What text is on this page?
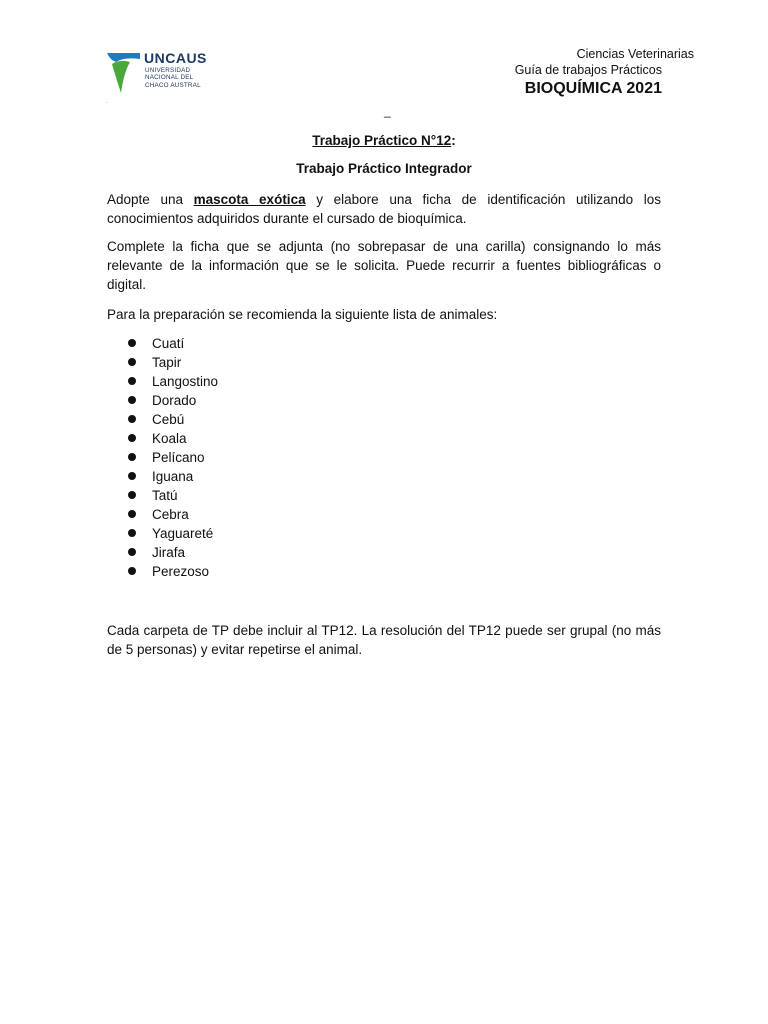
UNCAUS
UNIVERSIDAD
NACIONAL DEL
CHACO AUSTRAL
.
Ciencias Veterinarias
Guía de trabajos Prácticos
BIOQUÍMICA 2021
_
Trabajo Práctico N°12:
Trabajo Práctico Integrador
Adopte una mascota exótica y elabore una ficha de identificación utilizando los conocimientos adquiridos durante el cursado de bioquímica.
Complete la ficha que se adjunta (no sobrepasar de una carilla) consignando lo más relevante de la información que se le solicita. Puede recurrir a fuentes bibliográficas o digital.
Para la preparación se recomienda la siguiente lista de animales:
Cuatí
Tapir
Langostino
Dorado
Cebú
Koala
Pelícano
Iguana
Tatú
Cebra
Yaguareté
Jirafa
Perezoso
Cada carpeta de TP debe incluir al TP12. La resolución del TP12 puede ser grupal (no más de 5 personas) y evitar repetirse el animal.
